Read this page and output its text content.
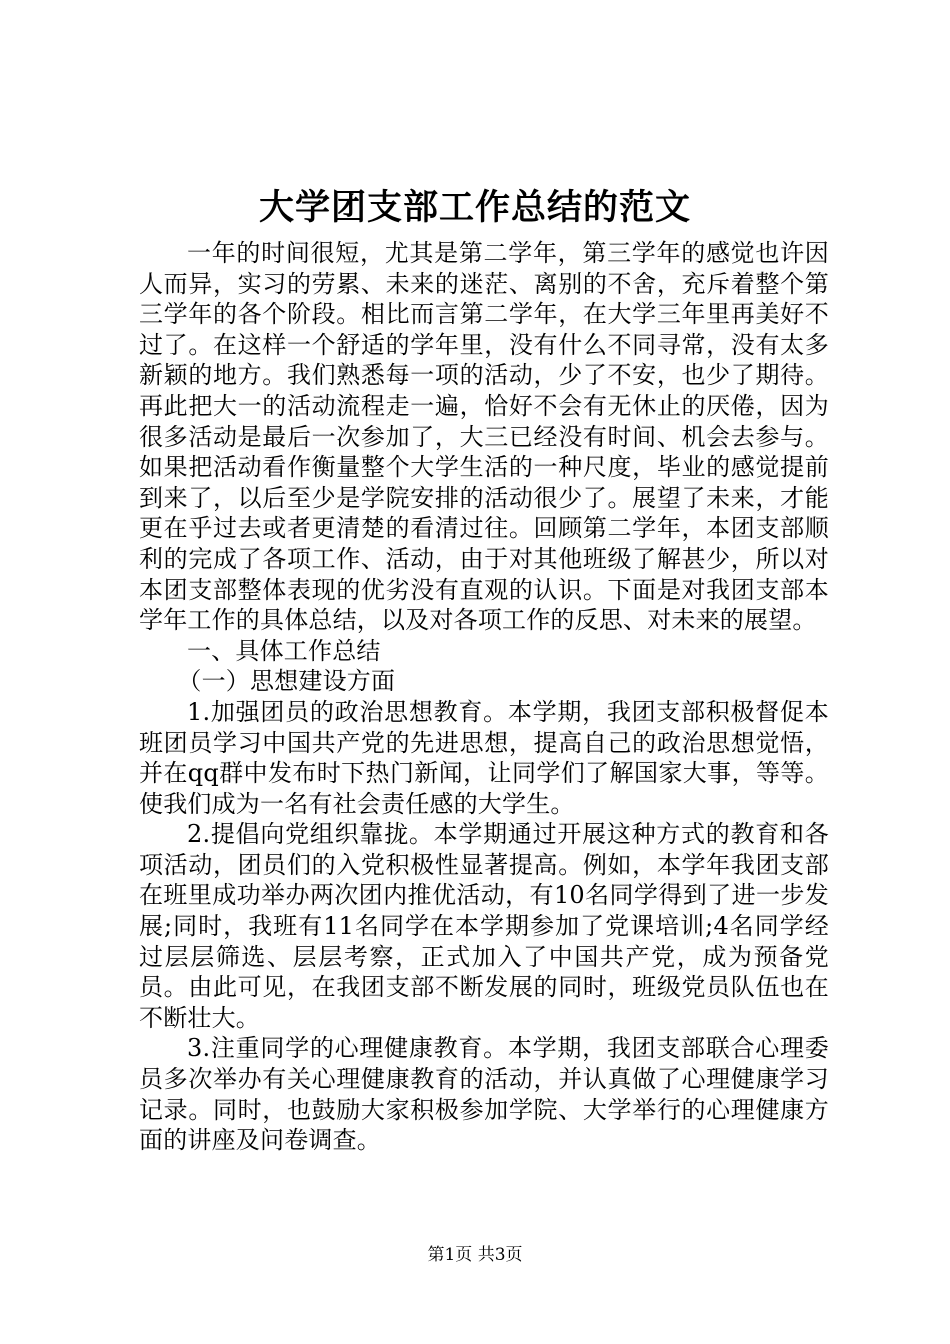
大学团支部工作总结的范文

一年的时间很短，尤其是第二学年，第三学年的感觉也许因人而异，实习的劳累、未来的迷茫、离别的不舍，充斥着整个第三学年的各个阶段。相比而言第二学年，在大学三年里再美好不过了。在这样一个舒适的学年里，没有什么不同寻常，没有太多新颖的地方。我们熟悉每一项的活动，少了不安，也少了期待。再此把大一的活动流程走一遍，恰好不会有无休止的厌倦，因为很多活动是最后一次参加了，大三已经没有时间、机会去参与。如果把活动看作衡量整个大学生活的一种尺度，毕业的感觉提前到来了，以后至少是学院安排的活动很少了。展望了未来，才能更在乎过去或者更清楚的看清过往。回顾第二学年，本团支部顺利的完成了各项工作、活动，由于对其他班级了解甚少，所以对本团支部整体表现的优劣没有直观的认识。下面是对我团支部本学年工作的具体总结，以及对各项工作的反思、对未来的展望。

一、具体工作总结

（一）思想建设方面

1.加强团员的政治思想教育。本学期，我团支部积极督促本班团员学习中国共产党的先进思想，提高自己的政治思想觉悟，并在qq群中发布时下热门新闻，让同学们了解国家大事，等等。使我们成为一名有社会责任感的大学生。

2.提倡向党组织靠拢。本学期通过开展这种方式的教育和各项活动，团员们的入党积极性显著提高。例如，本学年我团支部在班里成功举办两次团内推优活动，有10名同学得到了进一步发展;同时，我班有11名同学在本学期参加了党课培训;4名同学经过层层筛选、层层考察，正式加入了中国共产党，成为预备党员。由此可见，在我团支部不断发展的同时，班级党员队伍也在不断壮大。

3.注重同学的心理健康教育。本学期，我团支部联合心理委员多次举办有关心理健康教育的活动，并认真做了心理健康学习记录。同时，也鼓励大家积极参加学院、大学举行的心理健康方面的讲座及问卷调查。

第1页 共3页
